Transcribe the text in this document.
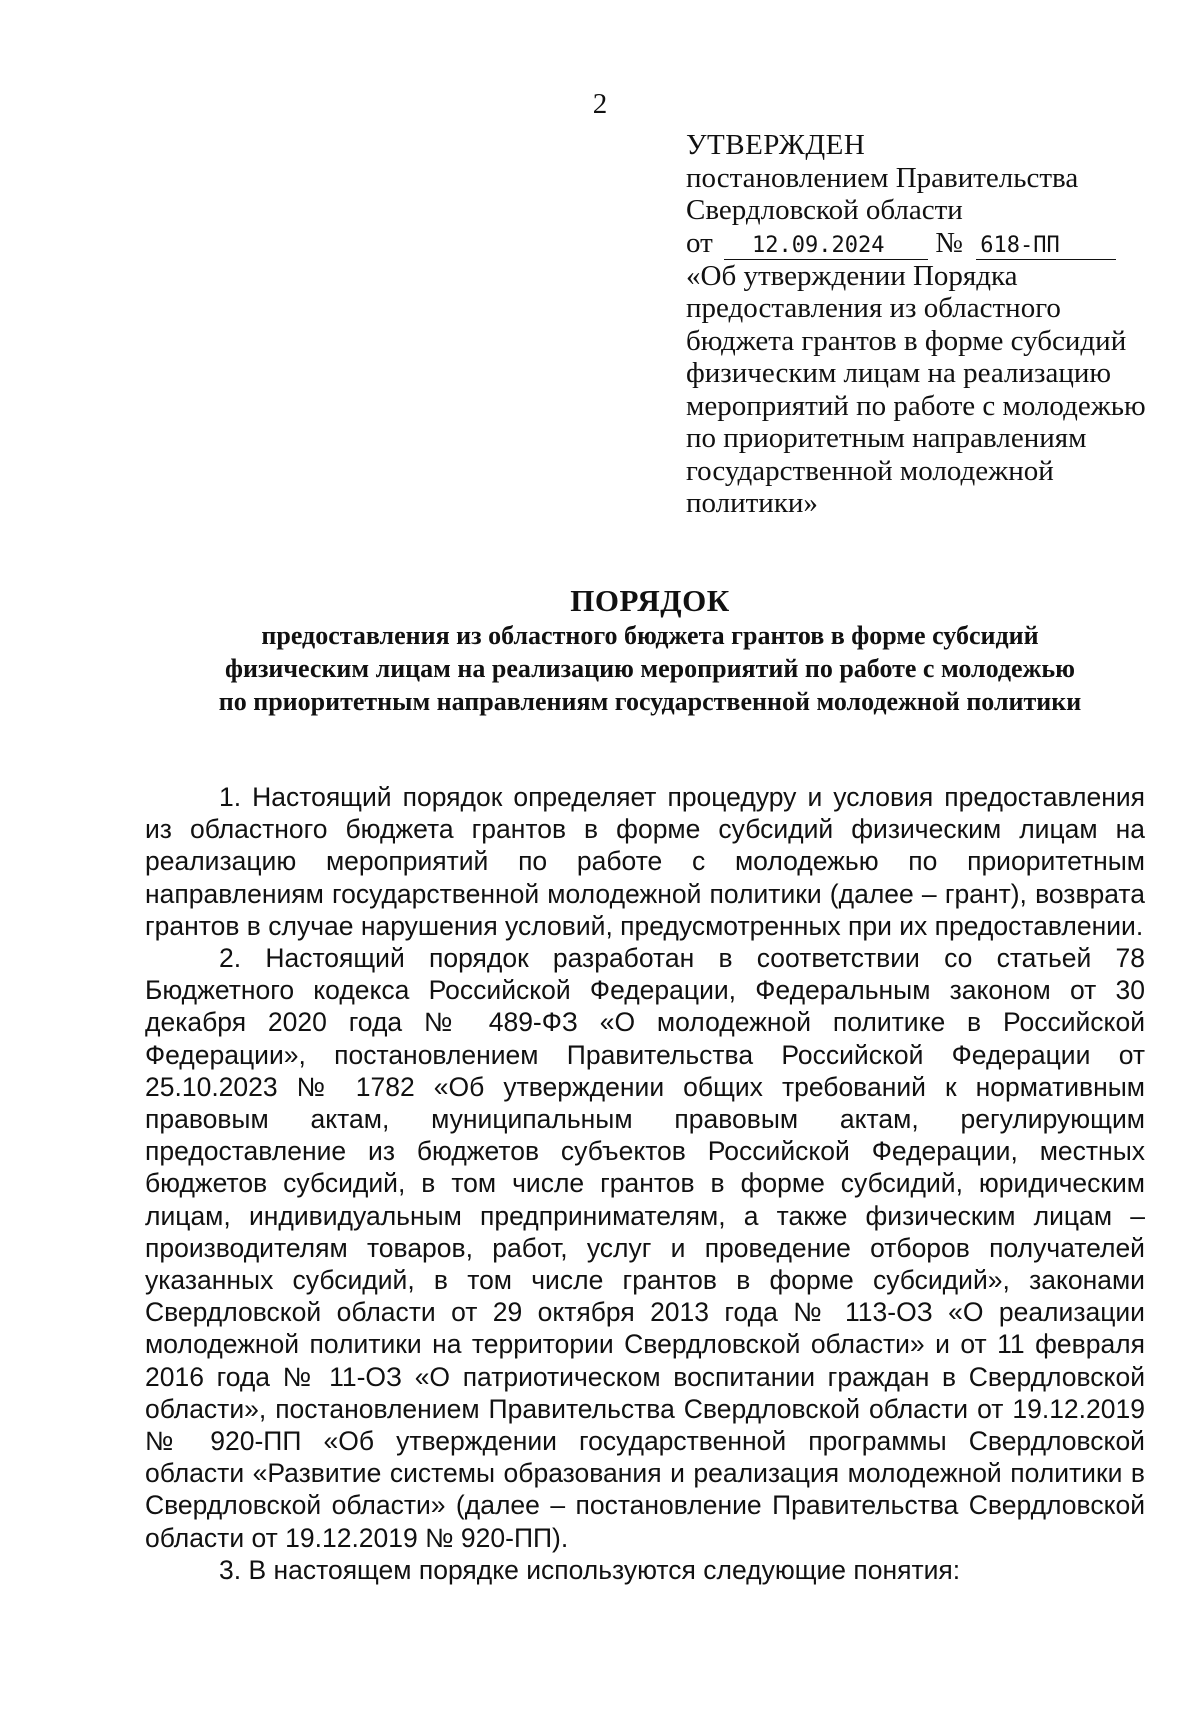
2
УТВЕРЖДЕН
постановлением Правительства
Свердловской области
от 12.09.2024 № 618-ПП
«Об утверждении Порядка
предоставления из областного
бюджета грантов в форме субсидий
физическим лицам на реализацию
мероприятий по работе с молодежью
по приоритетным направлениям
государственной молодежной
политики»
ПОРЯДОК
предоставления из областного бюджета грантов в форме субсидий
физическим лицам на реализацию мероприятий по работе с молодежью
по приоритетным направлениям государственной молодежной политики

1. Настоящий порядок определяет процедуру и условия предоставления из областного бюджета грантов в форме субсидий физическим лицам на реализацию мероприятий по работе с молодежью по приоритетным направлениям государственной молодежной политики (далее – грант), возврата грантов в случае нарушения условий, предусмотренных при их предоставлении.

2. Настоящий порядок разработан в соответствии со статьей 78 Бюджетного кодекса Российской Федерации, Федеральным законом от 30 декабря 2020 года № 489-ФЗ «О молодежной политике в Российской Федерации», постановлением Правительства Российской Федерации от 25.10.2023 № 1782 «Об утверждении общих требований к нормативным правовым актам, муниципальным правовым актам, регулирующим предоставление из бюджетов субъектов Российской Федерации, местных бюджетов субсидий, в том числе грантов в форме субсидий, юридическим лицам, индивидуальным предпринимателям, а также физическим лицам – производителям товаров, работ, услуг и проведение отборов получателей указанных субсидий, в том числе грантов в форме субсидий», законами Свердловской области от 29 октября 2013 года № 113-ОЗ «О реализации молодежной политики на территории Свердловской области» и от 11 февраля 2016 года № 11-ОЗ «О патриотическом воспитании граждан в Свердловской области», постановлением Правительства Свердловской области от 19.12.2019 № 920-ПП «Об утверждении государственной программы Свердловской области «Развитие системы образования и реализация молодежной политики в Свердловской области» (далее – постановление Правительства Свердловской области от 19.12.2019 № 920-ПП).

3. В настоящем порядке используются следующие понятия:
